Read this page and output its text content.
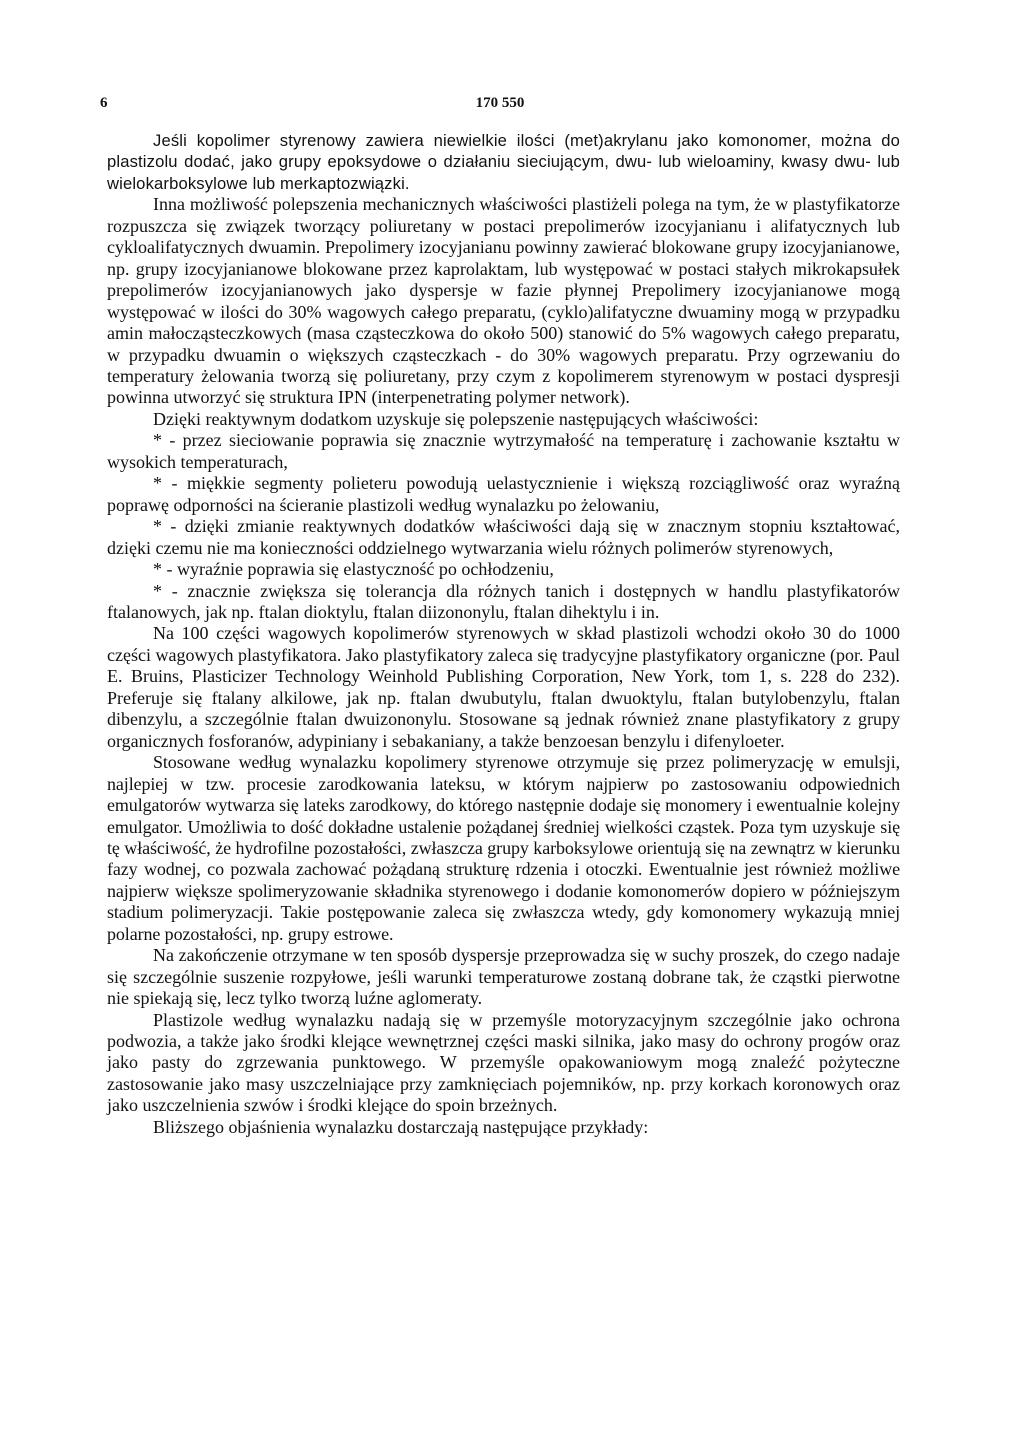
6	170 550

Jeśli kopolimer styrenowy zawiera niewielkie ilości (met)akrylanu jako komonomer, można do plastizolu dodać, jako grupy epoksydowe o działaniu sieciującym, dwu- lub wieloaminy, kwasy dwu- lub wielokarboksylowe lub merkaptozwiązki.

Inna możliwość polepszenia mechanicznych właściwości plastiżeli polega na tym, że w plastyfikatorze rozpuszcza się związek tworzący poliuretany w postaci prepolimerów izocyjanianu i alifatycznych lub cykloalifatycznych dwuamin. Prepolimery izocyjanianu powinny zawierać blokowane grupy izocyjanianowe, np. grupy izocyjanianowe blokowane przez kaprolaktam, lub występować w postaci stałych mikrokapsułek prepolimerów izocyjanianowych jako dyspersje w fazie płynnej Prepolimery izocyjanianowe mogą występować w ilości do 30% wagowych całego preparatu, (cyklo)alifatyczne dwuaminy mogą w przypadku amin małocząsteczkowych (masa cząsteczkowa do około 500) stanowić do 5% wagowych całego preparatu, w przypadku dwuamin o większych cząsteczkach - do 30% wagowych preparatu. Przy ogrzewaniu do temperatury żelowania tworzą się poliuretany, przy czym z kopolimerem styrenowym w postaci dyspresji powinna utworzyć się struktura IPN (interpenetrating polymer network).

Dzięki reaktywnym dodatkom uzyskuje się polepszenie następujących właściwości:

* - przez sieciowanie poprawia się znacznie wytrzymałość na temperaturę i zachowanie kształtu w wysokich temperaturach,

* - miękkie segmenty polieteru powodują uelastycznienie i większą rozciągliwość oraz wyraźną poprawę odporności na ścieranie plastizoli według wynalazku po żelowaniu,

* - dzięki zmianie reaktywnych dodatków właściwości dają się w znacznym stopniu kształtować, dzięki czemu nie ma konieczności oddzielnego wytwarzania wielu różnych polimerów styrenowych,

* - wyraźnie poprawia się elastyczność po ochłodzeniu,

* - znacznie zwiększa się tolerancja dla różnych tanich i dostępnych w handlu plastyfikatorów ftalanowych, jak np. ftalan dioktylu, ftalan diizononylu, ftalan dihektylu i in.

Na 100 części wagowych kopolimerów styrenowych w skład plastizoli wchodzi około 30 do 1000 części wagowych plastyfikatora. Jako plastyfikatory zaleca się tradycyjne plastyfikatory organiczne (por. Paul E. Bruins, Plasticizer Technology Weinhold Publishing Corporation, New York, tom 1, s. 228 do 232). Preferuje się ftalany alkilowe, jak np. ftalan dwubutylu, ftalan dwuoktylu, ftalan butylobenzylu, ftalan dibenzylu, a szczególnie ftalan dwuizononylu. Stosowane są jednak również znane plastyfikatory z grupy organicznych fosforanów, adypiniany i sebakaniany, a także benzoesan benzylu i difenyloeter.

Stosowane według wynalazku kopolimery styrenowe otrzymuje się przez polimeryzację w emulsji, najlepiej w tzw. procesie zarodkowania lateksu, w którym najpierw po zastosowaniu odpowiednich emulgatorów wytwarza się lateks zarodkowy, do którego następnie dodaje się monomery i ewentualnie kolejny emulgator. Umożliwia to dość dokładne ustalenie pożądanej średniej wielkości cząstek. Poza tym uzyskuje się tę właściwość, że hydrofilne pozostałości, zwłaszcza grupy karboksylowe orientują się na zewnątrz w kierunku fazy wodnej, co pozwala zachować pożądaną strukturę rdzenia i otoczki. Ewentualnie jest również możliwe najpierw większe spolimeryzowanie składnika styrenowego i dodanie komonomerów dopiero w późniejszym stadium polimeryzacji. Takie postępowanie zaleca się zwłaszcza wtedy, gdy komonomery wykazują mniej polarne pozostałości, np. grupy estrowe.

Na zakończenie otrzymane w ten sposób dyspersje przeprowadza się w suchy proszek, do czego nadaje się szczególnie suszenie rozpyłowe, jeśli warunki temperaturowe zostaną dobrane tak, że cząstki pierwotne nie spiekają się, lecz tylko tworzą luźne aglomeraty.

Plastizole według wynalazku nadają się w przemyśle motoryzacyjnym szczególnie jako ochrona podwozia, a także jako środki klejące wewnętrznej części maski silnika, jako masy do ochrony progów oraz jako pasty do zgrzewania punktowego. W przemyśle opakowaniowym mogą znaleźć pożyteczne zastosowanie jako masy uszczelniające przy zamknięciach pojemników, np. przy korkach koronowych oraz jako uszczelnienia szwów i środki klejące do spoin brzeżnych.

Bliższego objaśnienia wynalazku dostarczają następujące przykłady:
